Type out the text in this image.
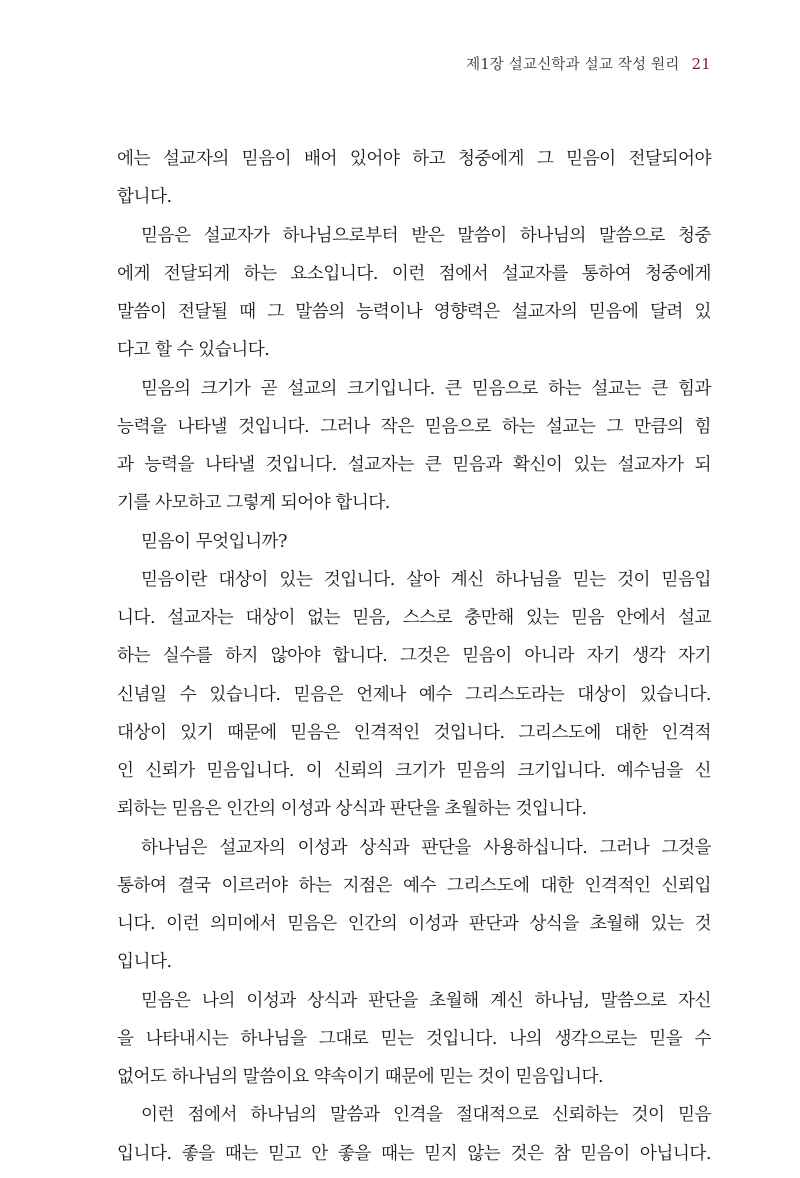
제1장 설교신학과 설교 작성 원리 21
에는 설교자의 믿음이 배어 있어야 하고 청중에게 그 믿음이 전달되어야
합니다.
믿음은 설교자가 하나님으로부터 받은 말씀이 하나님의 말씀으로 청중
에게 전달되게 하는 요소입니다. 이런 점에서 설교자를 통하여 청중에게
말씀이 전달될 때 그 말씀의 능력이나 영향력은 설교자의 믿음에 달려 있
다고 할 수 있습니다.
믿음의 크기가 곧 설교의 크기입니다. 큰 믿음으로 하는 설교는 큰 힘과
능력을 나타낼 것입니다. 그러나 작은 믿음으로 하는 설교는 그 만큼의 힘
과 능력을 나타낼 것입니다. 설교자는 큰 믿음과 확신이 있는 설교자가 되
기를 사모하고 그렇게 되어야 합니다.
믿음이 무엇입니까?
믿음이란 대상이 있는 것입니다. 살아 계신 하나님을 믿는 것이 믿음입
니다. 설교자는 대상이 없는 믿음, 스스로 충만해 있는 믿음 안에서 설교
하는 실수를 하지 않아야 합니다. 그것은 믿음이 아니라 자기 생각 자기
신념일 수 있습니다. 믿음은 언제나 예수 그리스도라는 대상이 있습니다.
대상이 있기 때문에 믿음은 인격적인 것입니다. 그리스도에 대한 인격적
인 신뢰가 믿음입니다. 이 신뢰의 크기가 믿음의 크기입니다. 예수님을 신
뢰하는 믿음은 인간의 이성과 상식과 판단을 초월하는 것입니다.
하나님은 설교자의 이성과 상식과 판단을 사용하십니다. 그러나 그것을
통하여 결국 이르러야 하는 지점은 예수 그리스도에 대한 인격적인 신뢰입
니다. 이런 의미에서 믿음은 인간의 이성과 판단과 상식을 초월해 있는 것
입니다.
믿음은 나의 이성과 상식과 판단을 초월해 계신 하나님, 말씀으로 자신
을 나타내시는 하나님을 그대로 믿는 것입니다. 나의 생각으로는 믿을 수
없어도 하나님의 말씀이요 약속이기 때문에 믿는 것이 믿음입니다.
이런 점에서 하나님의 말씀과 인격을 절대적으로 신뢰하는 것이 믿음
입니다. 좋을 때는 믿고 안 좋을 때는 믿지 않는 것은 참 믿음이 아닙니다.
